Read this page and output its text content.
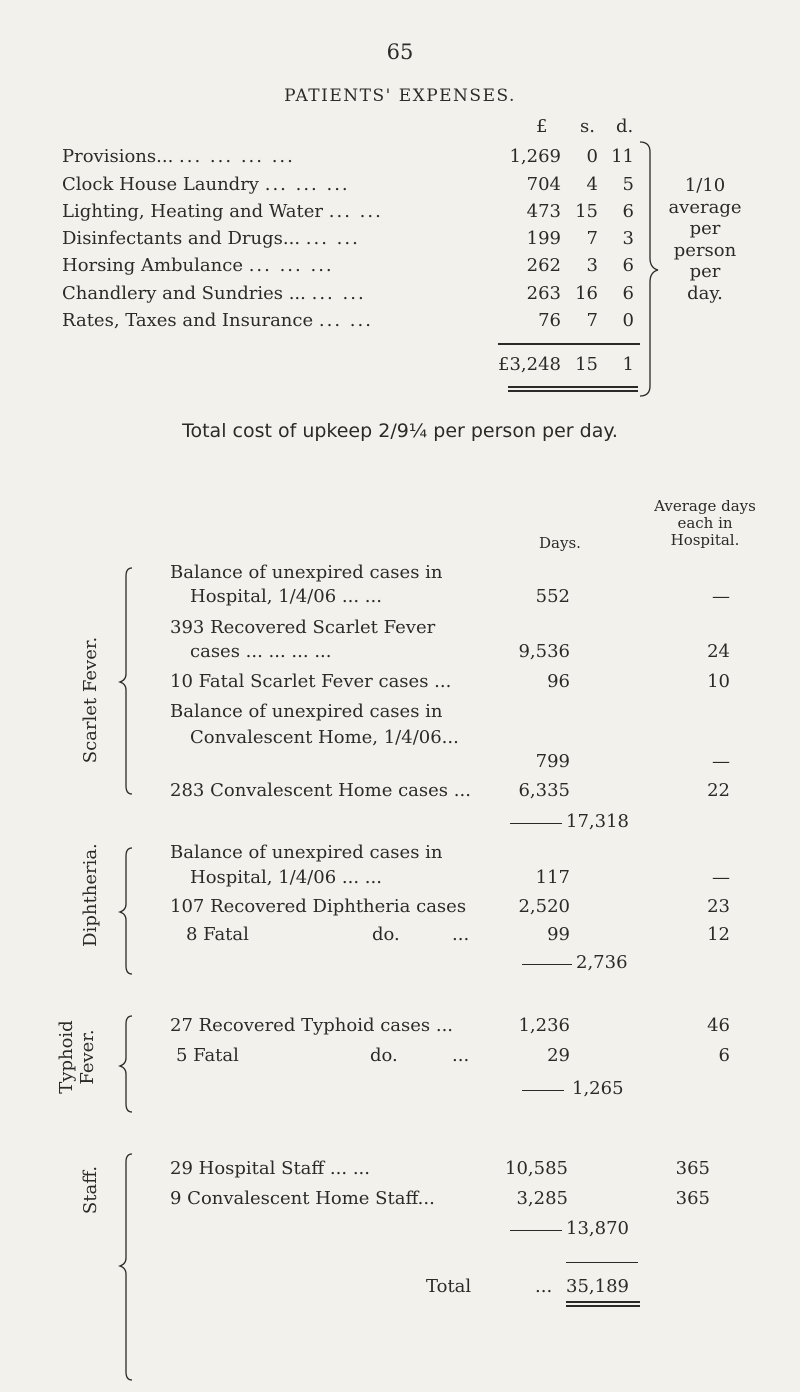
65
PATIENTS' EXPENSES.
£ s. d.
Provisions... ... ... ... ...	1,269	0 11
Clock House Laundry ... ... ...	704	4	5
Lighting, Heating and Water ... ...	473 15	6
Disinfectants and Drugs... ... ...	199	7	3
Horsing Ambulance ... ... ...	262	3	6
Chandlery and Sundries ... ... ...	263 16	6
Rates, Taxes and Insurance ... ...	76	7	0
£3,248 15	1
1/10
average
per
person
per
day.
Total cost of upkeep 2/9¼ per person per day.
Days.
Average days
each in
Hospital.
Scarlet Fever.
Balance of unexpired cases in
Hospital, 1/4/06 ... ...	552	—
393 Recovered Scarlet Fever
cases ... ... ... ...	9,536	24
10 Fatal Scarlet Fever cases ...	96	10
Balance of unexpired cases in
Convalescent Home, 1/4/06...
799	—
283 Convalescent Home cases ...	6,335	22
17,318
Diphtheria.	Balance of unexpired cases in
Hospital, 1/4/06 ... ...	117	—
107 Recovered Diphtheria cases	2,520	23
8 Fatal	do.	...	99	12
2,736
Typhoid Fever.
27 Recovered Typhoid cases ...	1,236	46
5 Fatal	do.	...	29	6
1,265
Staff.	29 Hospital Staff ... ...	10,585	365
9 Convalescent Home Staff...	3,285	365
13,870
Total	... 35,189
